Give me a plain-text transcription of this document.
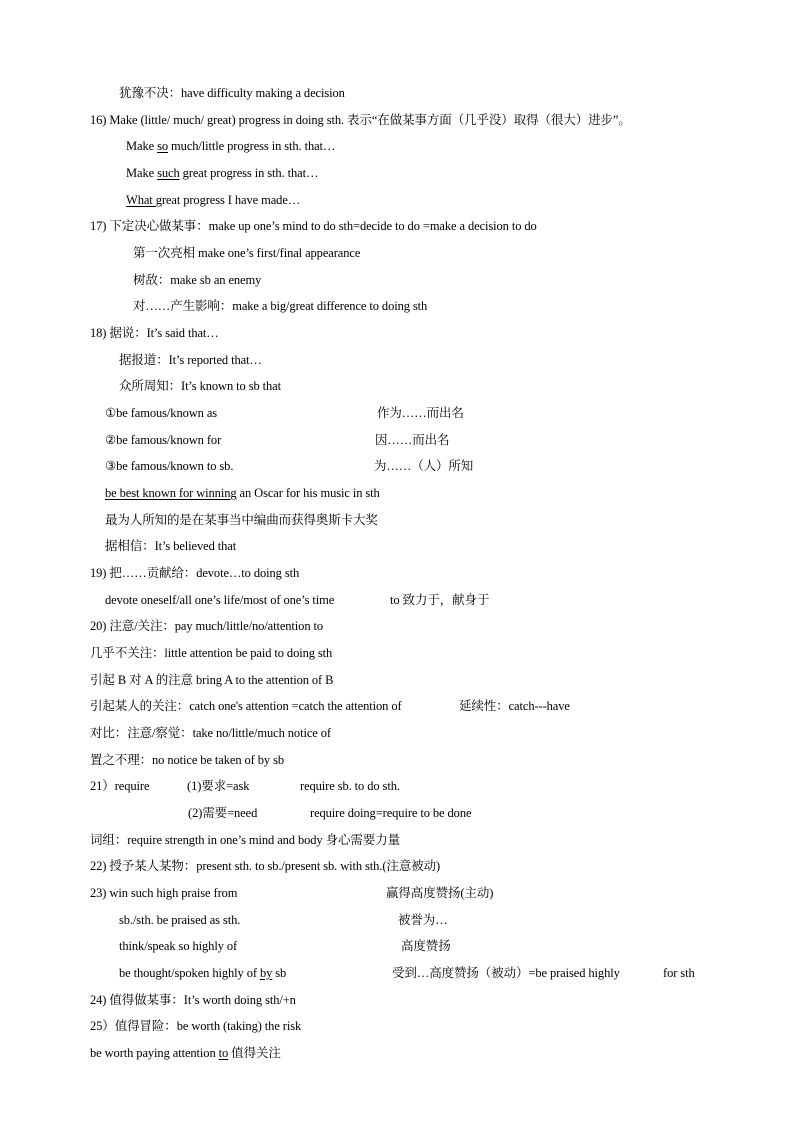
犹豫不决：have difficulty making a decision
16) Make (little/ much/ great) progress in doing sth. 表示“在做某事方面（几乎没）取得（很大）进步”。
Make so much/little progress in sth. that…
Make such great progress in sth. that…
What great progress I have made…
17) 下定决心做某事：make up one’s mind to do sth=decide to do =make a decision to do
第一次亮相 make one’s first/final appearance
树敌：make sb an enemy
对……产生影响：make a big/great difference to doing sth
18) 据说：It’s said that…
据报道：It’s reported that…
众所周知：It’s known to sb that
①be famous/known as	作为……而出名
②be famous/known for	因……而出名
③be famous/known to sb.	为……（人）所知
be best known for winning an Oscar for his music in sth
最为人所知的是在某事当中编曲而获得奥斯卡大奖
据相信：It’s believed that
19) 把……贡献给：devote…to doing sth
devote oneself/all one’s life/most of one’s time	to 致力于，献身于
20) 注意/关注：pay much/little/no/attention to
几乎不关注：little attention be paid to doing sth
引起 B 对 A 的注意 bring A to the attention of B
引起某人的关注：catch one's attention =catch the attention of	延续性：catch---have
对比：注意/察觉：take no/little/much notice of
置之不理：no notice be taken of by sb
21）require	(1)要求=ask	require sb. to do sth.
(2)需要=need	require doing=require to be done
词组：require strength in one’s mind and body 身心需要力量
22) 授予某人某物：present sth. to sb./present sb. with sth.(注意被动)
23) win such high praise from	赢得高度赞扬(主动)
sb./sth. be praised as sth.	被誉为…
think/speak so highly of	高度赞扬
be thought/spoken highly of by sb	受到…高度赞扬（被动）=be praised highly	for sth
24) 值得做某事：It’s worth doing sth/+n
25）值得冒险：be worth (taking) the risk
be worth paying attention to 值得关注
